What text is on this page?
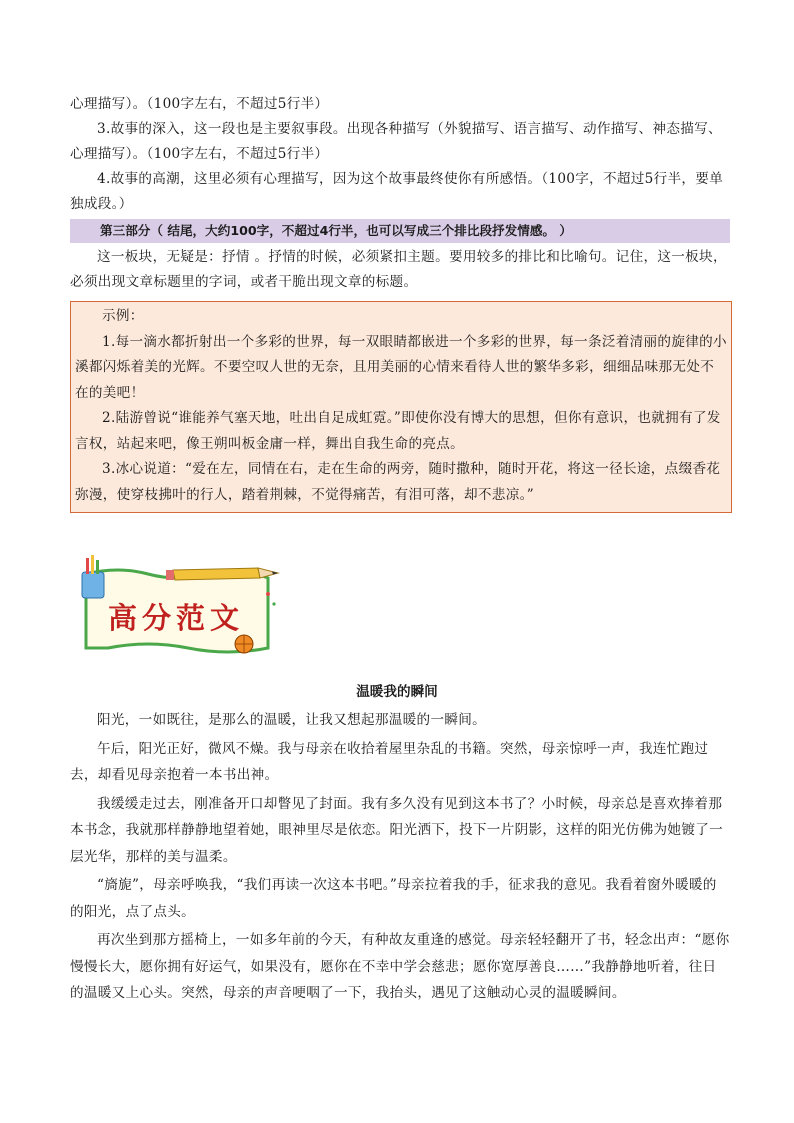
心理描写）。（100字左右，不超过5行半）

3.故事的深入，这一段也是主要叙事段。出现各种描写（外貌描写、语言描写、动作描写、神态描写、心理描写）。（100字左右，不超过5行半）

4.故事的高潮，这里必须有心理描写，因为这个故事最终使你有所感悟。（100字，不超过5行半，要单独成段。）

第三部分（ 结尾，大约100字，不超过4行半，也可以写成三个排比段抒发情感。 ）

这一板块，无疑是：抒情 。抒情的时候，必须紧扣主题。要用较多的排比和比喻句。记住，这一板块，必须出现文章标题里的字词，或者干脆出现文章的标题。

示例：

1.每一滴水都折射出一个多彩的世界，每一双眼睛都嵌进一个多彩的世界，每一条泛着清丽的旋律的小溪都闪烁着美的光辉。不要空叹人世的无奈，且用美丽的心情来看待人世的繁华多彩，细细品味那无处不在的美吧！

2.陆游曾说“谁能养气塞天地，吐出自足成虹霓。”即使你没有博大的思想，但你有意识，也就拥有了发言权，站起来吧，像王朔叫板金庸一样，舞出自我生命的亮点。

3.冰心说道：“爱在左，同情在右，走在生命的两旁，随时撒种，随时开花，将这一径长途，点缀香花弥漫，使穿枝拂叶的行人，踏着荆棘，不觉得痛苦，有泪可落，却不悲凉。”

高分范文
温暖我的瞬间

阳光，一如既往，是那么的温暖，让我又想起那温暖的一瞬间。

午后，阳光正好，微风不燥。我与母亲在收拾着屋里杂乱的书籍。突然，母亲惊呼一声，我连忙跑过去，却看见母亲抱着一本书出神。

我缓缓走过去，刚准备开口却瞥见了封面。我有多久没有见到这本书了？小时候，母亲总是喜欢捧着那本书念，我就那样静静地望着她，眼神里尽是依恋。阳光洒下，投下一片阴影，这样的阳光仿佛为她镀了一层光华，那样的美与温柔。

“旖旎”，母亲呼唤我，“我们再读一次这本书吧。”母亲拉着我的手，征求我的意见。我看着窗外暖暖的的阳光，点了点头。

再次坐到那方摇椅上，一如多年前的今天，有种故友重逢的感觉。母亲轻轻翻开了书，轻念出声：“愿你慢慢长大，愿你拥有好运气，如果没有，愿你在不幸中学会慈悲；愿你宽厚善良……”我静静地听着，往日的温暖又上心头。突然，母亲的声音哽咽了一下，我抬头，遇见了这触动心灵的温暖瞬间。
